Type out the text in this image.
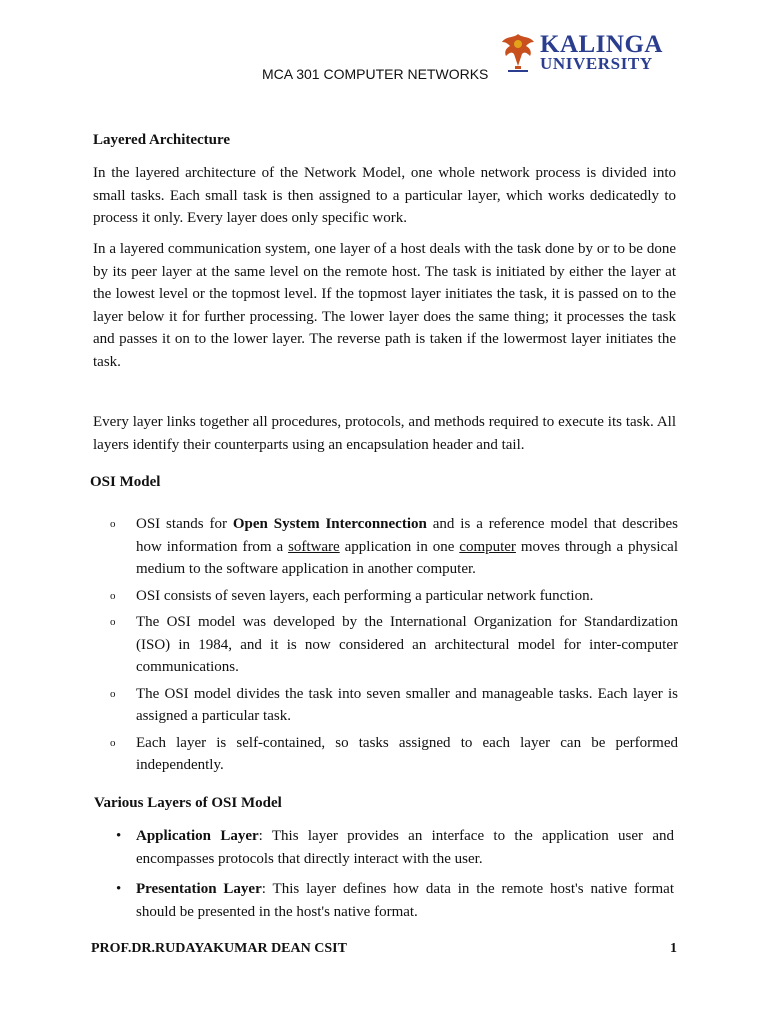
KALINGA
UNIVERSITY
MCA 301 COMPUTER NETWORKS
Layered Architecture

In the layered architecture of the Network Model, one whole network process is divided into small tasks. Each small task is then assigned to a particular layer, which works dedicatedly to process it only. Every layer does only specific work.

In a layered communication system, one layer of a host deals with the task done by or to be done by its peer layer at the same level on the remote host. The task is initiated by either the layer at the lowest level or the topmost level. If the topmost layer initiates the task, it is passed on to the layer below it for further processing. The lower layer does the same thing; it processes the task and passes it on to the lower layer. The reverse path is taken if the lowermost layer initiates the task.

Every layer links together all procedures, protocols, and methods required to execute its task. All layers identify their counterparts using an encapsulation header and tail.

OSI Model
o OSI stands for Open System Interconnection and is a reference model that describes how information from a software application in one computer moves through a physical medium to the software application in another computer.
o OSI consists of seven layers, each performing a particular network function.
o The OSI model was developed by the International Organization for Standardization (ISO) in 1984, and it is now considered an architectural model for inter-computer communications.
o The OSI model divides the task into seven smaller and manageable tasks. Each layer is assigned a particular task.
o Each layer is self-contained, so tasks assigned to each layer can be performed independently.
Various Layers of OSI Model
• Application Layer: This layer provides an interface to the application user and encompasses protocols that directly interact with the user.
• Presentation Layer: This layer defines how data in the remote host's native format should be presented in the host's native format.
PROF.DR.RUDAYAKUMAR DEAN CSIT	1
